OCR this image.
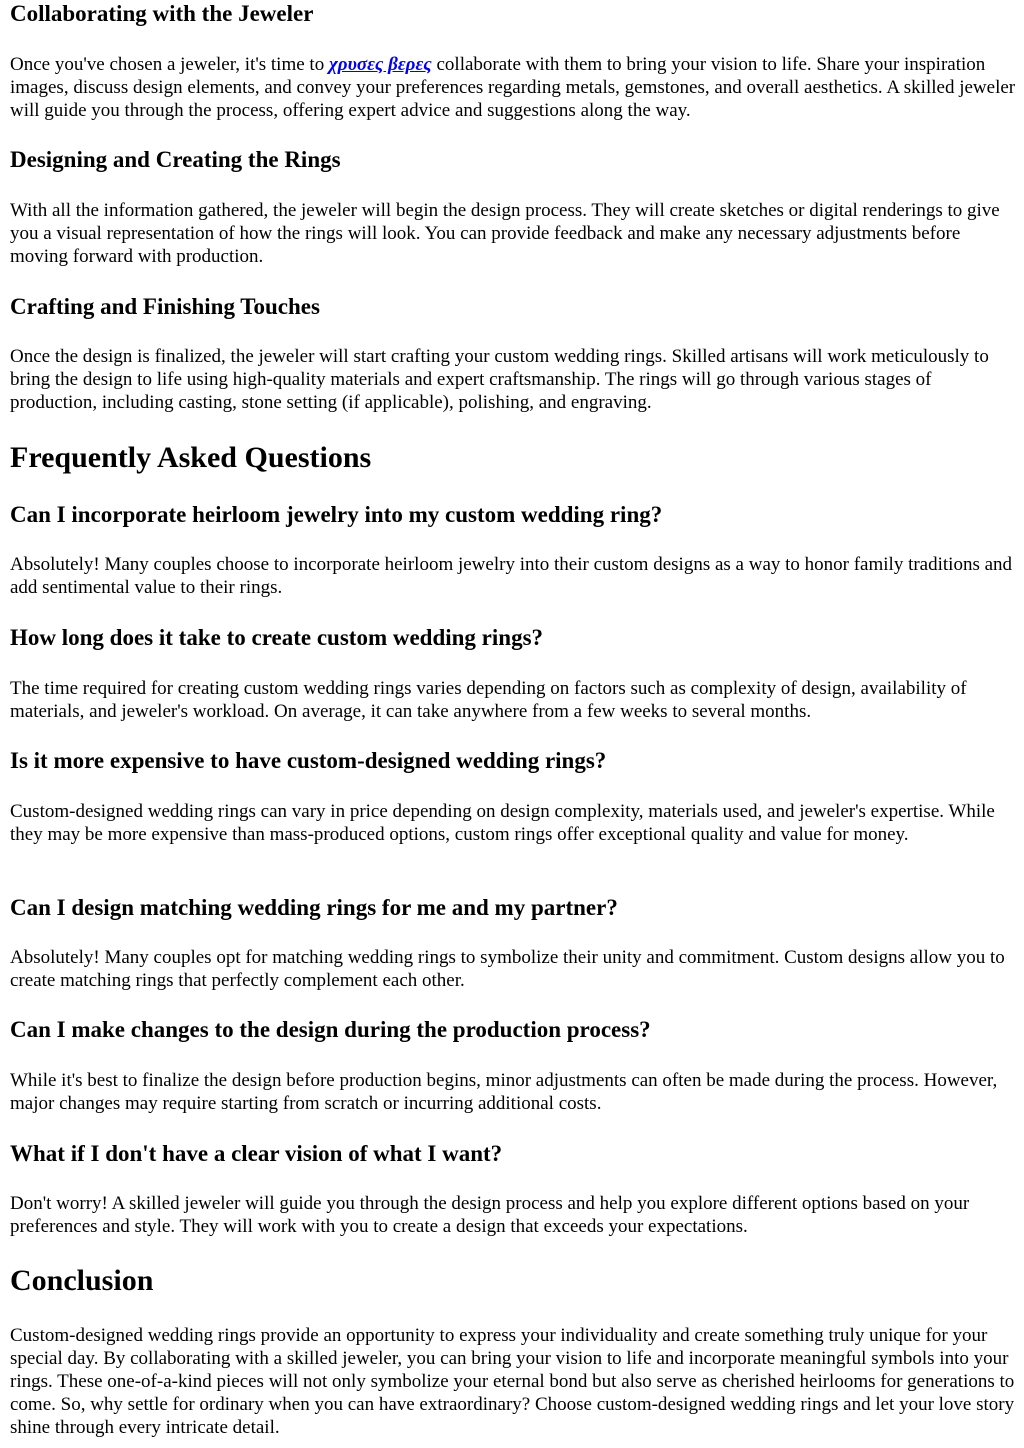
Collaborating with the Jeweler

Once you've chosen a jeweler, it's time to χρυσες βερες collaborate with them to bring your vision to life. Share your inspiration images, discuss design elements, and convey your preferences regarding metals, gemstones, and overall aesthetics. A skilled jeweler will guide you through the process, offering expert advice and suggestions along the way.

Designing and Creating the Rings

With all the information gathered, the jeweler will begin the design process. They will create sketches or digital renderings to give you a visual representation of how the rings will look. You can provide feedback and make any necessary adjustments before moving forward with production.

Crafting and Finishing Touches

Once the design is finalized, the jeweler will start crafting your custom wedding rings. Skilled artisans will work meticulously to bring the design to life using high-quality materials and expert craftsmanship. The rings will go through various stages of production, including casting, stone setting (if applicable), polishing, and engraving.

Frequently Asked Questions
Can I incorporate heirloom jewelry into my custom wedding ring?

Absolutely! Many couples choose to incorporate heirloom jewelry into their custom designs as a way to honor family traditions and add sentimental value to their rings.

How long does it take to create custom wedding rings?

The time required for creating custom wedding rings varies depending on factors such as complexity of design, availability of materials, and jeweler's workload. On average, it can take anywhere from a few weeks to several months.

Is it more expensive to have custom-designed wedding rings?

Custom-designed wedding rings can vary in price depending on design complexity, materials used, and jeweler's expertise. While they may be more expensive than mass-produced options, custom rings offer exceptional quality and value for money.

Can I design matching wedding rings for me and my partner?

Absolutely! Many couples opt for matching wedding rings to symbolize their unity and commitment. Custom designs allow you to create matching rings that perfectly complement each other.

Can I make changes to the design during the production process?

While it's best to finalize the design before production begins, minor adjustments can often be made during the process. However, major changes may require starting from scratch or incurring additional costs.

What if I don't have a clear vision of what I want?

Don't worry! A skilled jeweler will guide you through the design process and help you explore different options based on your preferences and style. They will work with you to create a design that exceeds your expectations.

Conclusion

Custom-designed wedding rings provide an opportunity to express your individuality and create something truly unique for your special day. By collaborating with a skilled jeweler, you can bring your vision to life and incorporate meaningful symbols into your rings. These one-of-a-kind pieces will not only symbolize your eternal bond but also serve as cherished heirlooms for generations to come. So, why settle for ordinary when you can have extraordinary? Choose custom-designed wedding rings and let your love story shine through every intricate detail.
